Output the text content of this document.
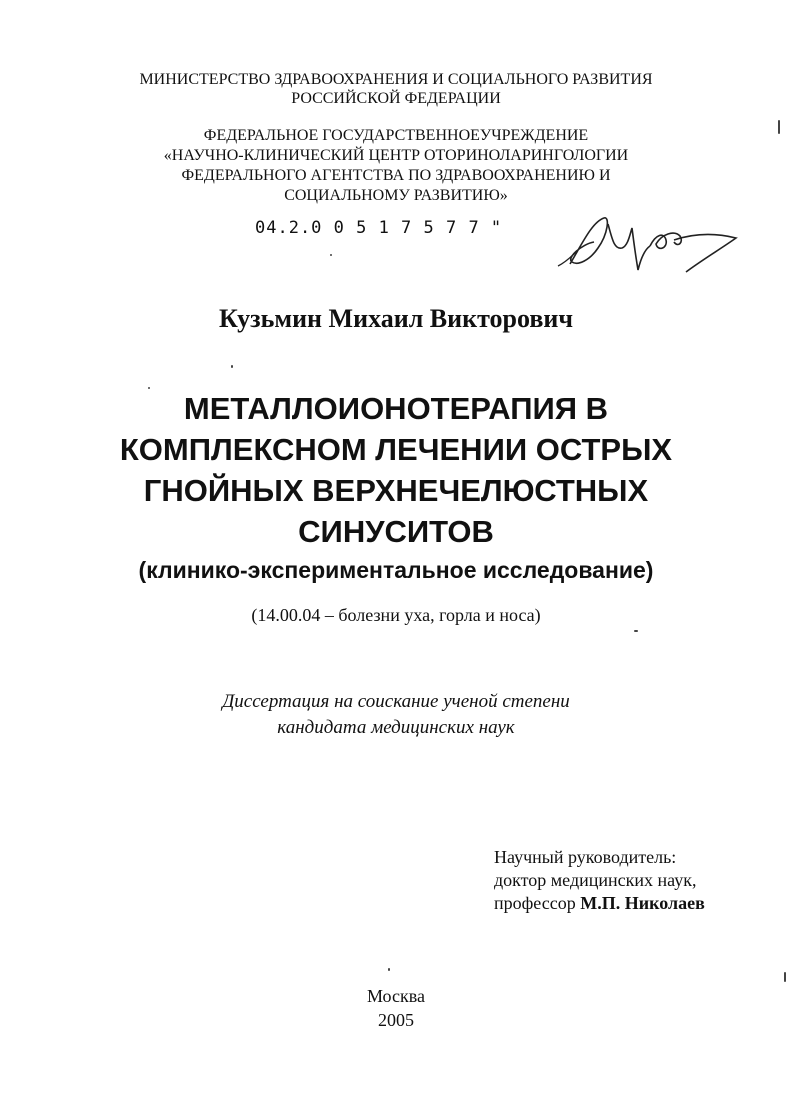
МИНИСТЕРСТВО ЗДРАВООХРАНЕНИЯ И СОЦИАЛЬНОГО РАЗВИТИЯ
РОССИЙСКОЙ ФЕДЕРАЦИИ
ФЕДЕРАЛЬНОЕ ГОСУДАРСТВЕННОЕУЧРЕЖДЕНИЕ
«НАУЧНО-КЛИНИЧЕСКИЙ ЦЕНТР ОТОРИНОЛАРИНГОЛОГИИ
ФЕДЕРАЛЬНОГО АГЕНТСТВА ПО ЗДРАВООХРАНЕНИЮ И
СОЦИАЛЬНОМУ РАЗВИТИЮ»
04.2.0 0 5 1 7 5 7 7 "
Кузьмин Михаил Викторович
МЕТАЛЛОИОНОТЕРАПИЯ В
КОМПЛЕКСНОМ ЛЕЧЕНИИ ОСТРЫХ
ГНОЙНЫХ ВЕРХНЕЧЕЛЮСТНЫХ
СИНУСИТОВ
(клинико-экспериментальное исследование)
(14.00.04 – болезни уха, горла и носа)
Диссертация на соискание ученой степени
кандидата медицинских наук
Научный руководитель:
доктор медицинских наук,
профессор М.П. Николаев
Москва
2005
